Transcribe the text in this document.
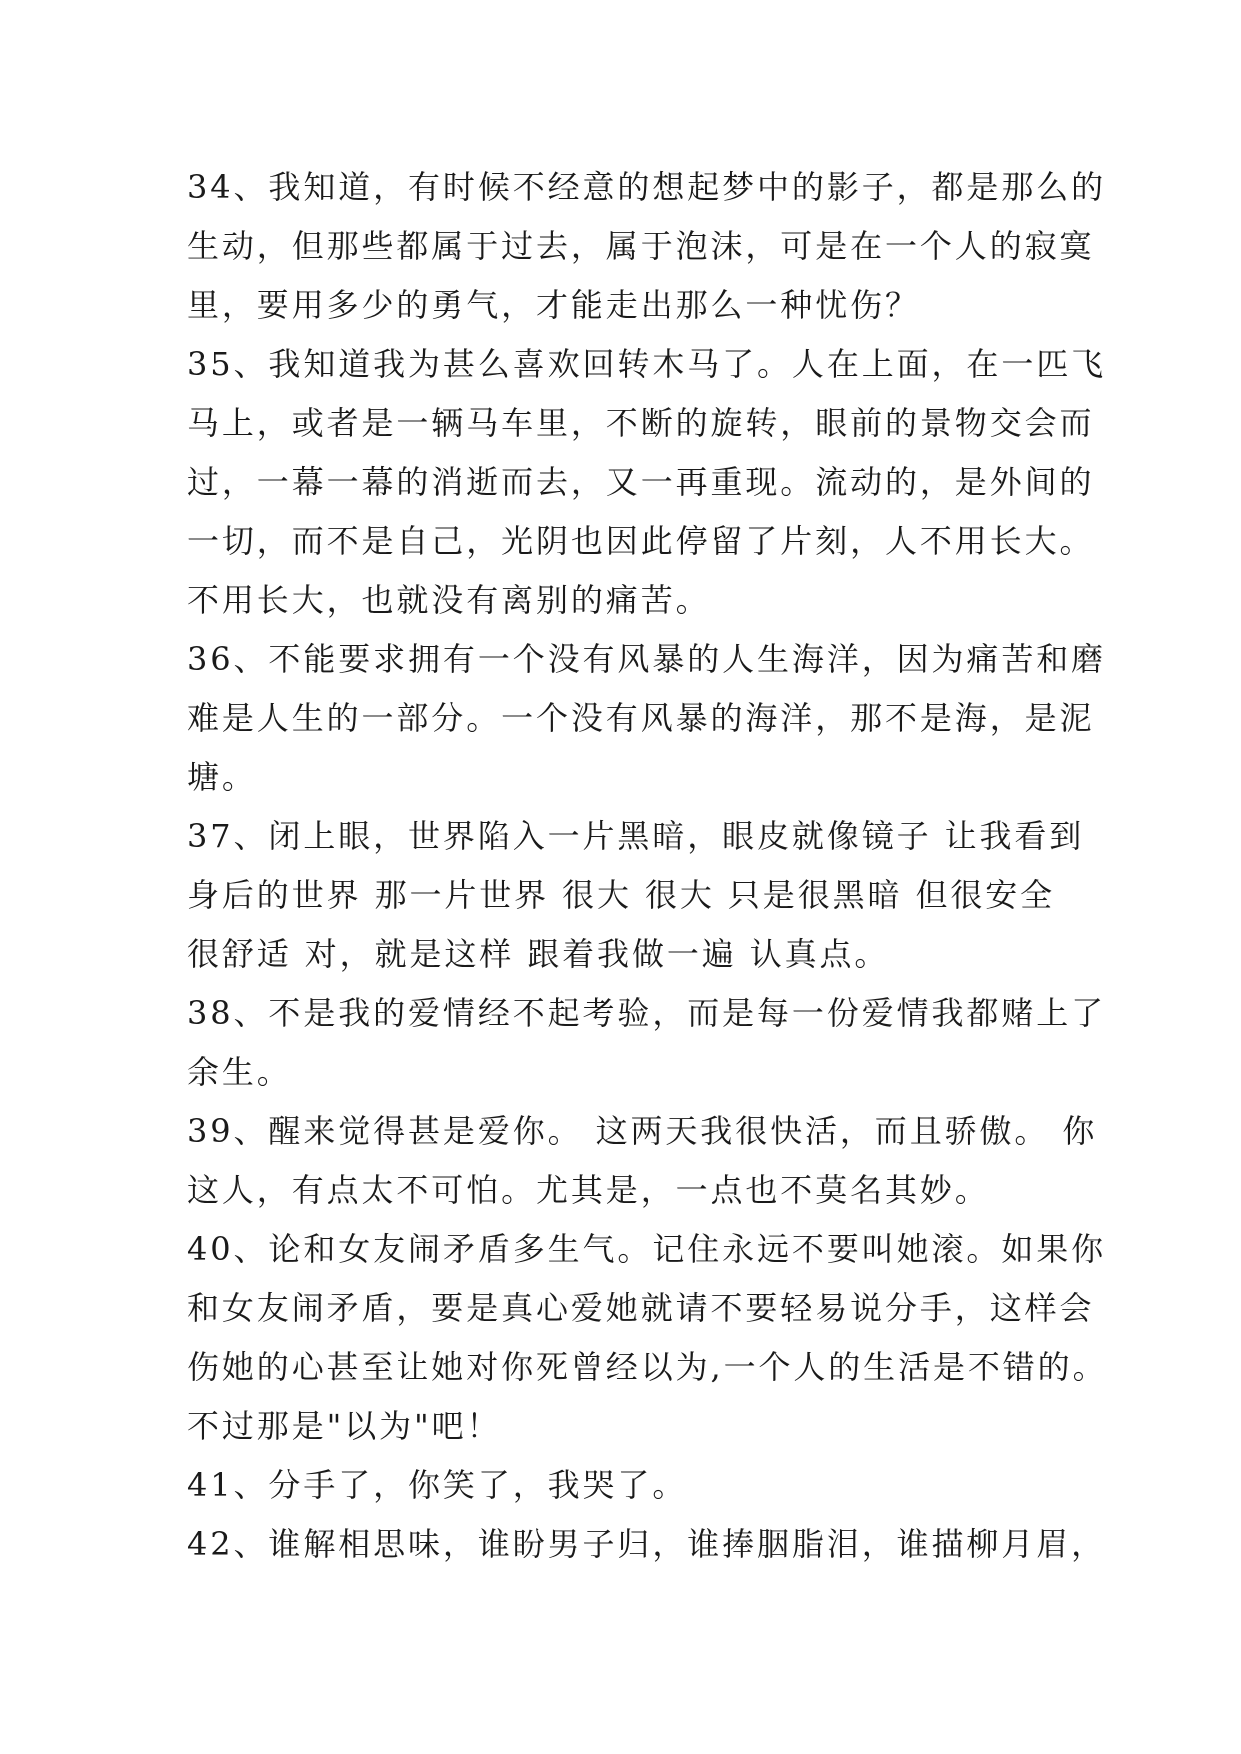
34、我知道，有时候不经意的想起梦中的影子，都是那么的
生动，但那些都属于过去，属于泡沫，可是在一个人的寂寞
里，要用多少的勇气，才能走出那么一种忧伤？
35、我知道我为甚么喜欢回转木马了。人在上面，在一匹飞
马上，或者是一辆马车里，不断的旋转，眼前的景物交会而
过，一幕一幕的消逝而去，又一再重现。流动的，是外间的
一切，而不是自己，光阴也因此停留了片刻，人不用长大。
不用长大，也就没有离别的痛苦。
36、不能要求拥有一个没有风暴的人生海洋，因为痛苦和磨
难是人生的一部分。一个没有风暴的海洋，那不是海，是泥
塘。
37、闭上眼，世界陷入一片黑暗，眼皮就像镜子 让我看到
身后的世界 那一片世界 很大 很大 只是很黑暗 但很安全
很舒适 对，就是这样 跟着我做一遍 认真点。
38、不是我的爱情经不起考验，而是每一份爱情我都赌上了
余生。
39、醒来觉得甚是爱你。 这两天我很快活，而且骄傲。 你
这人，有点太不可怕。尤其是，一点也不莫名其妙。
40、论和女友闹矛盾多生气。记住永远不要叫她滚。如果你
和女友闹矛盾，要是真心爱她就请不要轻易说分手，这样会
伤她的心甚至让她对你死曾经以为,一个人的生活是不错的。
不过那是"以为"吧！
41、分手了，你笑了，我哭了。
42、谁解相思味，谁盼男子归，谁捧胭脂泪，谁描柳月眉，
